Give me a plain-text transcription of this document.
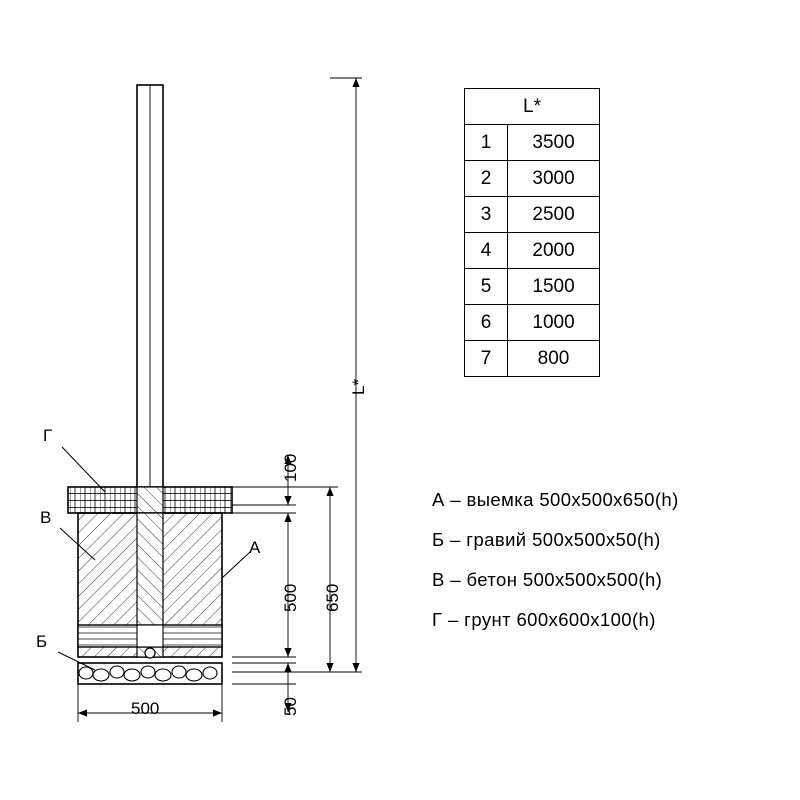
L*	
1	3500
2	3000
3	2500
4	2000
5	1500
6	1000
7	800
А – выемка 500х500х650(h)
Б – гравий 500х500х50(h)
В – бетон 500х500х500(h)
Г – грунт 600х600х100(h)
Г
В
А
Б
L*
650
500
100
50
500
